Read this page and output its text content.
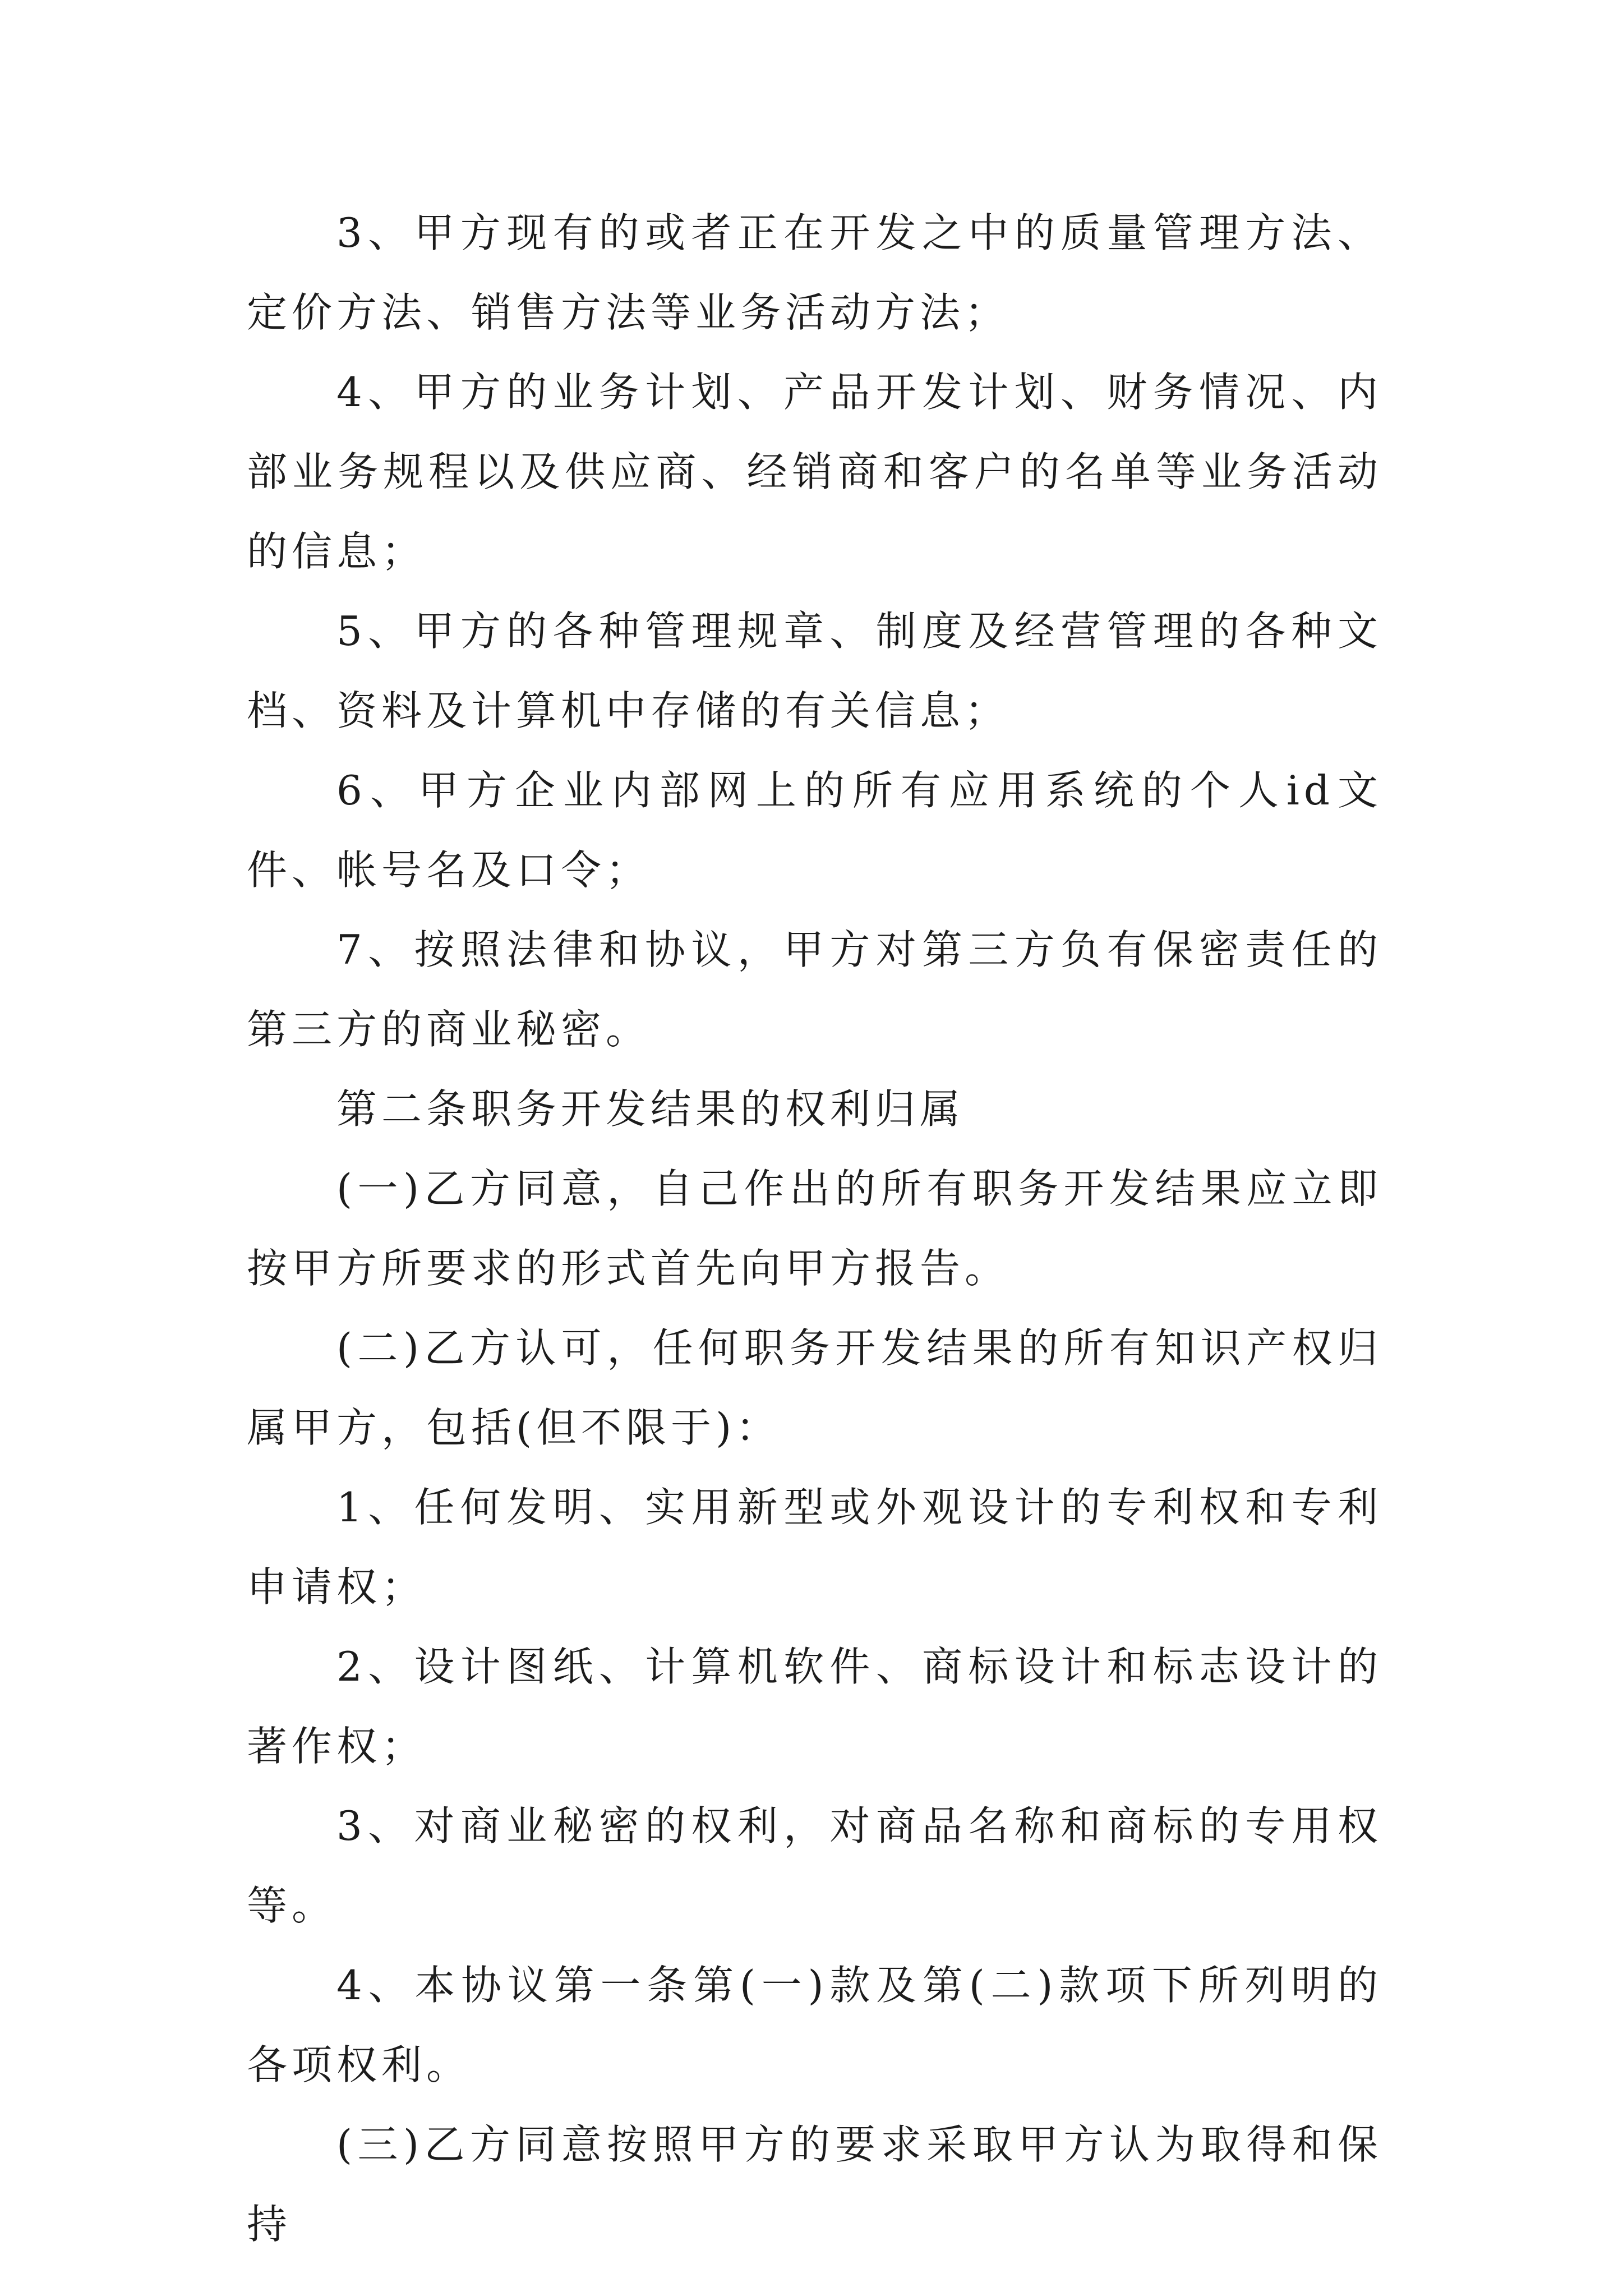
3、甲方现有的或者正在开发之中的质量管理方法、定价方法、销售方法等业务活动方法；

4、甲方的业务计划、产品开发计划、财务情况、内部业务规程以及供应商、经销商和客户的名单等业务活动的信息；

5、甲方的各种管理规章、制度及经营管理的各种文档、资料及计算机中存储的有关信息；

6、甲方企业内部网上的所有应用系统的个人id文件、帐号名及口令；

7、按照法律和协议，甲方对第三方负有保密责任的第三方的商业秘密。

第二条职务开发结果的权利归属

(一)乙方同意，自己作出的所有职务开发结果应立即按甲方所要求的形式首先向甲方报告。

(二)乙方认可，任何职务开发结果的所有知识产权归属甲方，包括(但不限于)：

1、任何发明、实用新型或外观设计的专利权和专利申请权；

2、设计图纸、计算机软件、商标设计和标志设计的著作权；

3、对商业秘密的权利，对商品名称和商标的专用权等。

4、本协议第一条第(一)款及第(二)款项下所列明的各项权利。

(三)乙方同意按照甲方的要求采取甲方认为取得和保持
